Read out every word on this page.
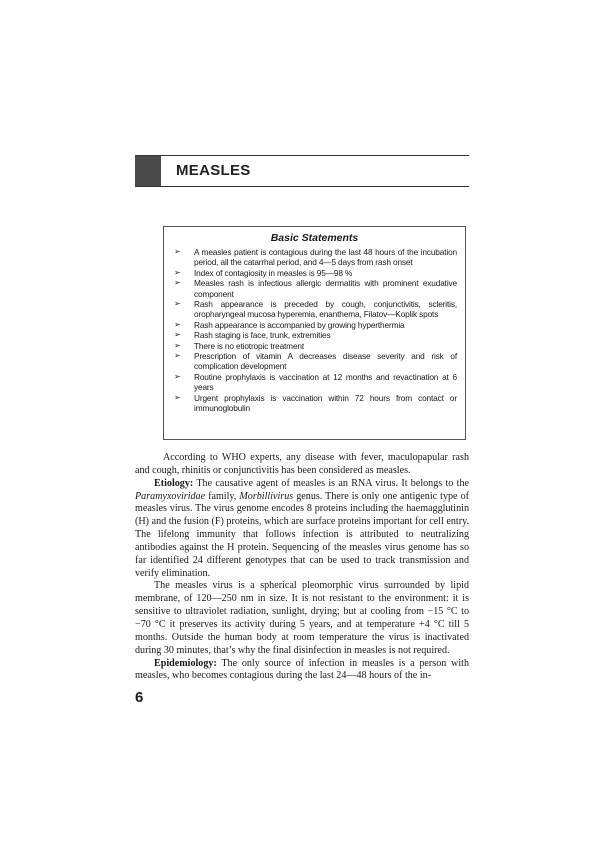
MEASLES
Basic Statements
➢ A measles patient is contagious during the last 48 hours of the incubation period, all the catarrhal period, and 4—5 days from rash onset
➢ Index of contagiosity in measles is 95—98 %
➢ Measles rash is infectious allergic dermatitis with prominent exudative component
➢ Rash appearance is preceded by cough, conjunctivitis, scleritis, oropharyngeal mucosa hyperemia, enanthema, Filatov—Koplik spots
➢ Rash appearance is accompanied by growing hyperthermia
➢ Rash staging is face, trunk, extremities
➢ There is no etiotropic treatment
➢ Prescription of vitamin A decreases disease severity and risk of complication development
➢ Routine prophylaxis is vaccination at 12 months and revactination at 6 years
➢ Urgent prophylaxis is vaccination within 72 hours from contact or immunoglobulin

According to WHO experts, any disease with fever, maculopapular rash and cough, rhinitis or conjunctivitis has been considered as measles.

Etiology: The causative agent of measles is an RNA virus. It belongs to the Paramyxoviridae family, Morbillivirus genus. There is only one antigenic type of measles virus. The virus genome encodes 8 proteins including the haemagglutinin (H) and the fusion (F) proteins, which are surface proteins important for cell entry. The lifelong immunity that follows infection is attributed to neutralizing antibodies against the H protein. Sequencing of the measles virus genome has so far identified 24 different genotypes that can be used to track transmission and verify elimination.

The measles virus is a spherical pleomorphic virus surrounded by lipid membrane, of 120—250 nm in size. It is not resistant to the environment: it is sensitive to ultraviolet radiation, sunlight, drying; but at cooling from −15 °C to −70 °C it preserves its activity during 5 years, and at temperature +4 °C till 5 months. Outside the human body at room temperature the virus is inactivated during 30 minutes, that’s why the final disinfection in measles is not required.

Epidemiology: The only source of infection in measles is a person with measles, who becomes contagious during the last 24—48 hours of the in-

6
